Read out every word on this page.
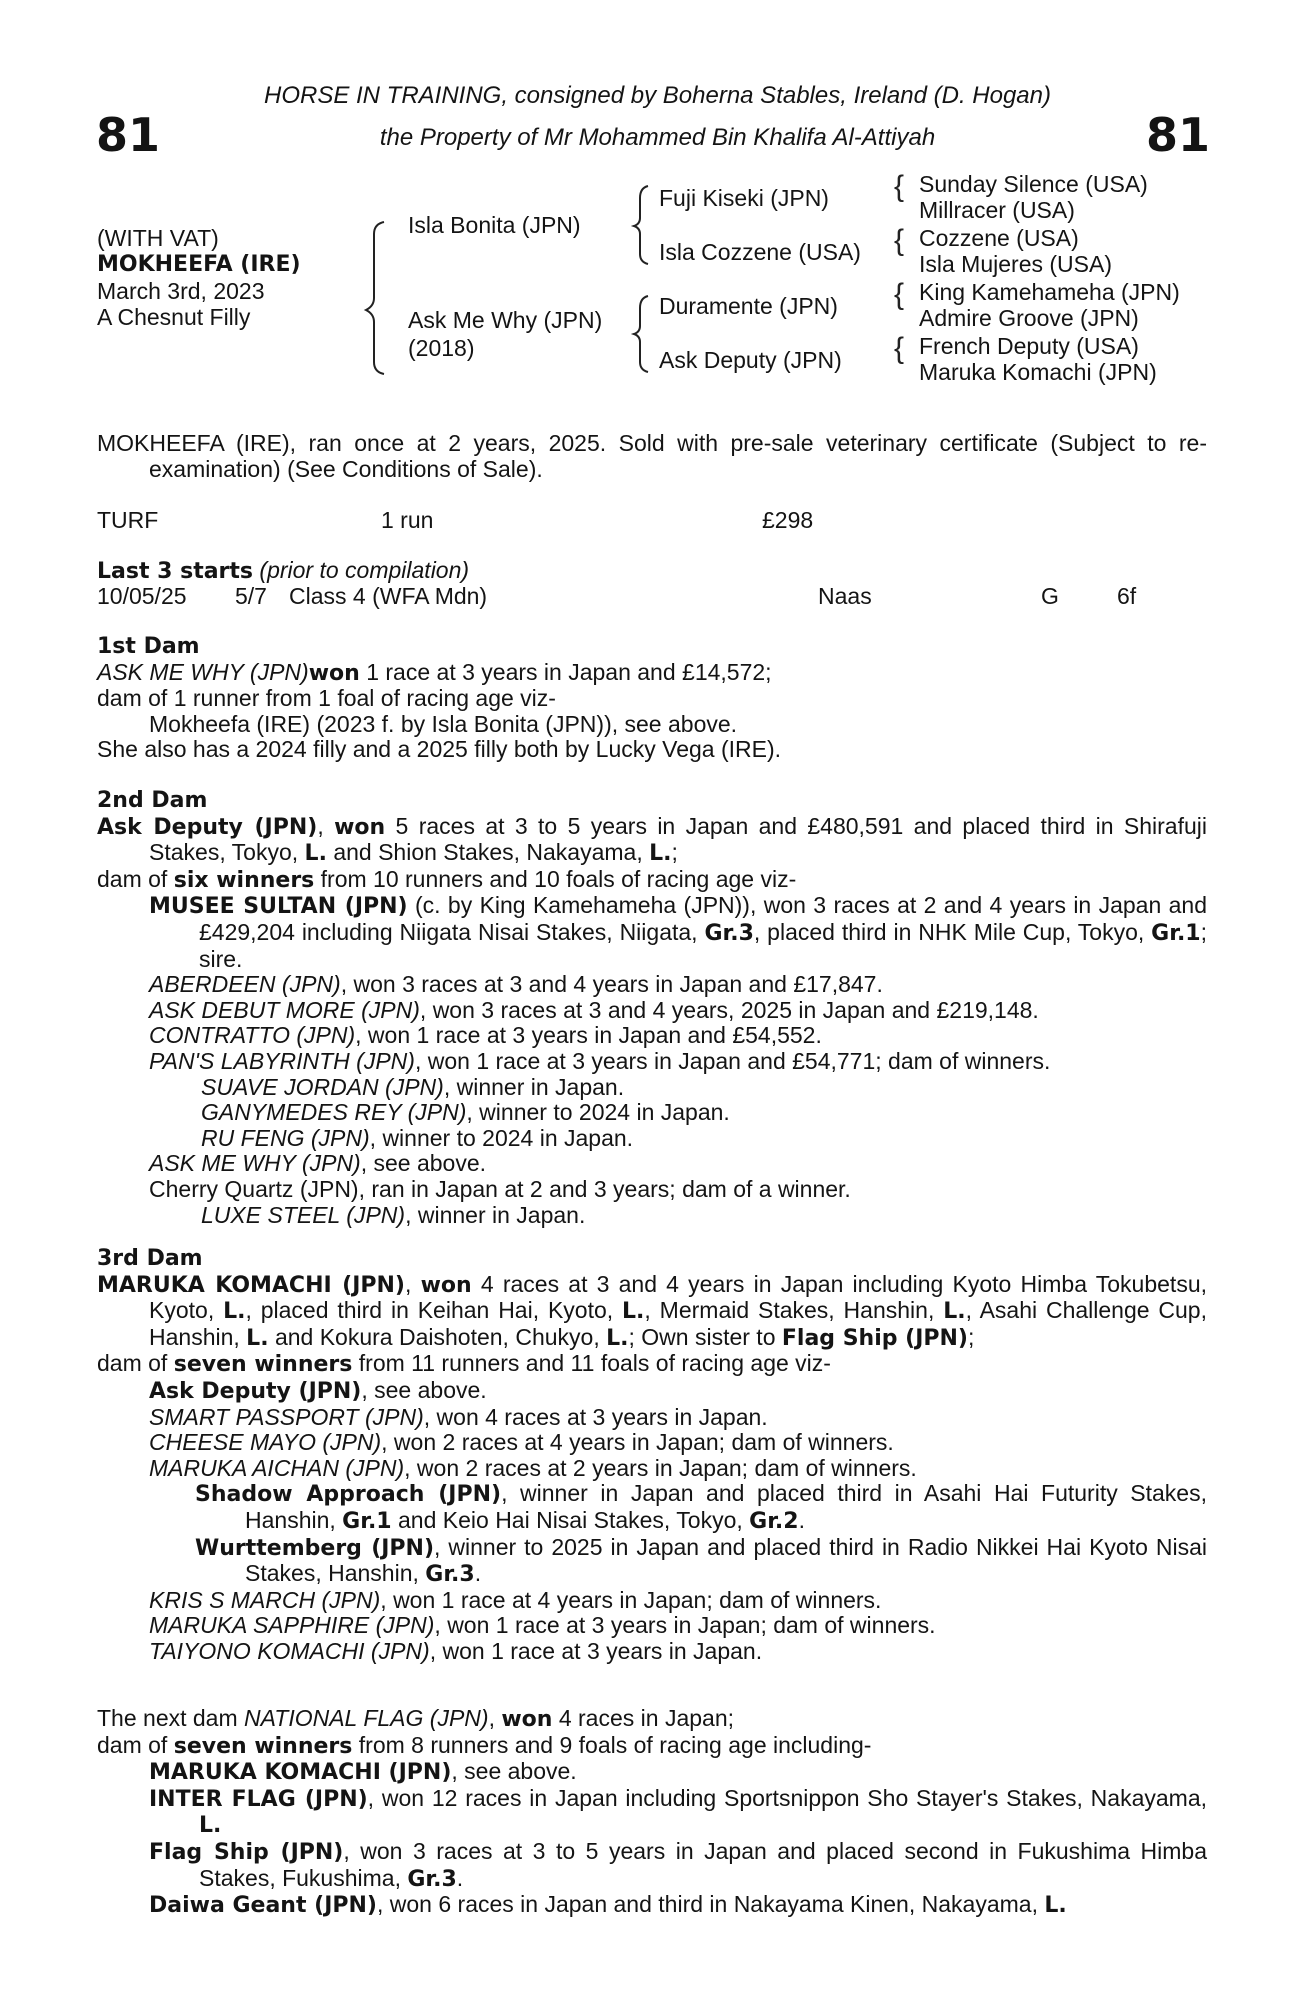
81	81
HORSE IN TRAINING, consigned by Boherna Stables, Ireland (D. Hogan)
the Property of Mr Mohammed Bin Khalifa Al-Attiyah
(WITH VAT)
MOKHEEFA (IRE)
March 3rd, 2023
A Chesnut Filly
Isla Bonita (JPN)
Ask Me Why (JPN)
(2018)
Fuji Kiseki (JPN)
Isla Cozzene (USA)
Duramente (JPN)
Ask Deputy (JPN)
{
{
{
{
Sunday Silence (USA)
Millracer (USA)
Cozzene (USA)
Isla Mujeres (USA)
King Kamehameha (JPN)
Admire Groove (JPN)
French Deputy (USA)
Maruka Komachi (JPN)

MOKHEEFA (IRE), ran once at 2 years, 2025. Sold with pre-sale veterinary certificate (Subject to re-examination) (See Conditions of Sale).

TURF	1 run	£298
Last 3 starts (prior to compilation)
10/05/25 5/7 Class 4 (WFA Mdn)	Naas	G	6f

1st Dam

ASK ME WHY (JPN)won 1 race at 3 years in Japan and £14,572;

dam of 1 runner from 1 foal of racing age viz-

Mokheefa (IRE) (2023 f. by Isla Bonita (JPN)), see above.

She also has a 2024 filly and a 2025 filly both by Lucky Vega (IRE).

2nd Dam

Ask Deputy (JPN), won 5 races at 3 to 5 years in Japan and £480,591 and placed third in Shirafuji Stakes, Tokyo, L. and Shion Stakes, Nakayama, L.;

dam of six winners from 10 runners and 10 foals of racing age viz-

MUSEE SULTAN (JPN) (c. by King Kamehameha (JPN)), won 3 races at 2 and 4 years in Japan and £429,204 including Niigata Nisai Stakes, Niigata, Gr.3, placed third in NHK Mile Cup, Tokyo, Gr.1; sire.

ABERDEEN (JPN), won 3 races at 3 and 4 years in Japan and £17,847.

ASK DEBUT MORE (JPN), won 3 races at 3 and 4 years, 2025 in Japan and £219,148.

CONTRATTO (JPN), won 1 race at 3 years in Japan and £54,552.

PAN'S LABYRINTH (JPN), won 1 race at 3 years in Japan and £54,771; dam of winners.

SUAVE JORDAN (JPN), winner in Japan.

GANYMEDES REY (JPN), winner to 2024 in Japan.

RU FENG (JPN), winner to 2024 in Japan.

ASK ME WHY (JPN), see above.

Cherry Quartz (JPN), ran in Japan at 2 and 3 years; dam of a winner.

LUXE STEEL (JPN), winner in Japan.

3rd Dam

MARUKA KOMACHI (JPN), won 4 races at 3 and 4 years in Japan including Kyoto Himba Tokubetsu, Kyoto, L., placed third in Keihan Hai, Kyoto, L., Mermaid Stakes, Hanshin, L., Asahi Challenge Cup, Hanshin, L. and Kokura Daishoten, Chukyo, L.; Own sister to Flag Ship (JPN);

dam of seven winners from 11 runners and 11 foals of racing age viz-

Ask Deputy (JPN), see above.

SMART PASSPORT (JPN), won 4 races at 3 years in Japan.

CHEESE MAYO (JPN), won 2 races at 4 years in Japan; dam of winners.

MARUKA AICHAN (JPN), won 2 races at 2 years in Japan; dam of winners.

Shadow Approach (JPN), winner in Japan and placed third in Asahi Hai Futurity Stakes, Hanshin, Gr.1 and Keio Hai Nisai Stakes, Tokyo, Gr.2.

Wurttemberg (JPN), winner to 2025 in Japan and placed third in Radio Nikkei Hai Kyoto Nisai Stakes, Hanshin, Gr.3.

KRIS S MARCH (JPN), won 1 race at 4 years in Japan; dam of winners.

MARUKA SAPPHIRE (JPN), won 1 race at 3 years in Japan; dam of winners.

TAIYONO KOMACHI (JPN), won 1 race at 3 years in Japan.

The next dam NATIONAL FLAG (JPN), won 4 races in Japan;

dam of seven winners from 8 runners and 9 foals of racing age including-

MARUKA KOMACHI (JPN), see above.

INTER FLAG (JPN), won 12 races in Japan including Sportsnippon Sho Stayer's Stakes, Nakayama, L.

Flag Ship (JPN), won 3 races at 3 to 5 years in Japan and placed second in Fukushima Himba Stakes, Fukushima, Gr.3.

Daiwa Geant (JPN), won 6 races in Japan and third in Nakayama Kinen, Nakayama, L.
